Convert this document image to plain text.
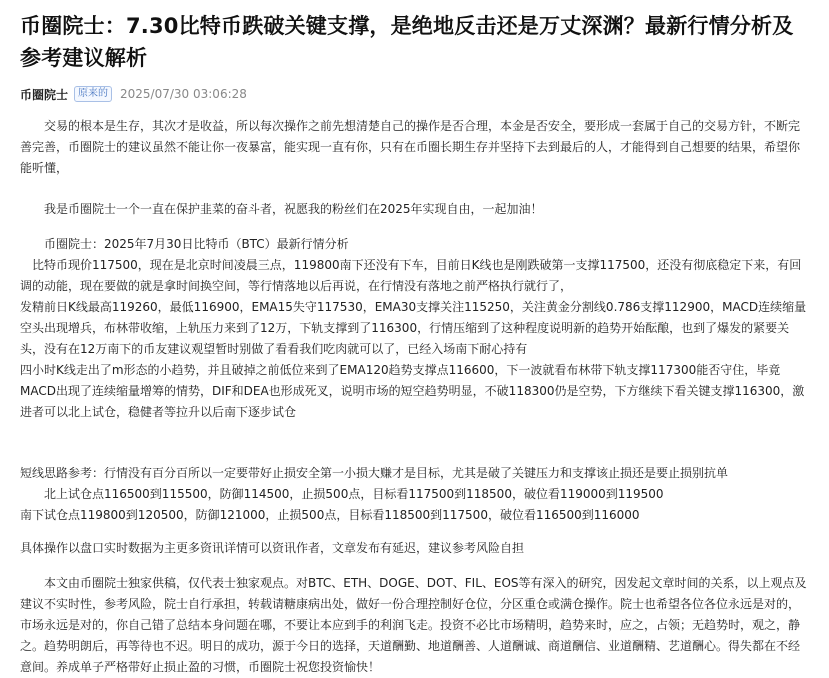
币圈院士：7.30比特币跌破关键支撑，是绝地反击还是万丈深渊？最新行情分析及参考建议解析
币圈院士	原来的	2025/07/30 03:06:28

交易的根本是生存，其次才是收益，所以每次操作之前先想清楚自己的操作是否合理，本金是否安全，要形成一套属于自己的交易方针，不断完善完善，币圈院士的建议虽然不能让你一夜暴富，能实现一直有你，只有在币圈长期生存并坚持下去到最后的人，才能得到自己想要的结果，希望你能听懂，

我是币圈院士一个一直在保护韭菜的奋斗者，祝愿我的粉丝们在2025年实现自由，一起加油！

币圈院士：2025年7月30日比特币（BTC）最新行情分析

比特币现价117500，现在是北京时间凌晨三点，119800南下还没有下车，目前日K线也是刚跌破第一支撑117500，还没有彻底稳定下来，有回调的动能，现在要做的就是拿时间换空间，等行情落地以后再说，在行情没有落地之前严格执行就行了，

发精前日K线最高119260，最低116900，EMA15失守117530，EMA30支撑关注115250，关注黄金分割线0.786支撑112900，MACD连续缩量空头出现增兵，布林带收缩，上轨压力来到了12万，下轨支撑到了116300，行情压缩到了这种程度说明新的趋势开始酝酿，也到了爆发的紧要关头，没有在12万南下的币友建议观望暂时别做了看看我们吃肉就可以了，已经入场南下耐心持有

四小时K线走出了m形态的小趋势，并且破掉之前低位来到了EMA120趋势支撑点116600，下一波就看布林带下轨支撑117300能否守住，毕竟MACD出现了连续缩量增筹的情势，DIF和DEA也形成死叉，说明市场的短空趋势明显，不破118300仍是空势，下方继续下看关键支撑116300，激进者可以北上试仓，稳健者等拉升以后南下逐步试仓

短线思路参考：行情没有百分百所以一定要带好止损安全第一小损大赚才是目标，尤其是破了关键压力和支撑该止损还是要止损别抗单

北上试仓点116500到115500，防御114500，止损500点，目标看117500到118500，破位看119000到119500

南下试仓点119800到120500，防御121000，止损500点，目标看118500到117500，破位看116500到116000

具体操作以盘口实时数据为主更多资讯详情可以资讯作者，文章发布有延迟，建议参考风险自担

本文由币圈院士独家供稿，仅代表士独家观点。对BTC、ETH、DOGE、DOT、FIL、EOS等有深入的研究，因发起文章时间的关系，以上观点及建议不实时性，参考风险，院士自行承担，转载请糖康病出处，做好一份合理控制好仓位，分区重仓或满仓操作。院士也希望各位各位永远是对的，市场永远是对的，你自己错了总结本身问题在哪，不要让本应到手的利润飞走。投资不必比市场精明，趋势来时，应之，占领；无趋势时，观之，静之。趋势明朗后，再等待也不迟。明日的成功，源于今日的选择，天道酬勤、地道酬善、人道酬诚、商道酬信、业道酬精、艺道酬心。得失都在不经意间。养成单子严格带好止损止盈的习惯，币圈院士祝您投资愉快！
